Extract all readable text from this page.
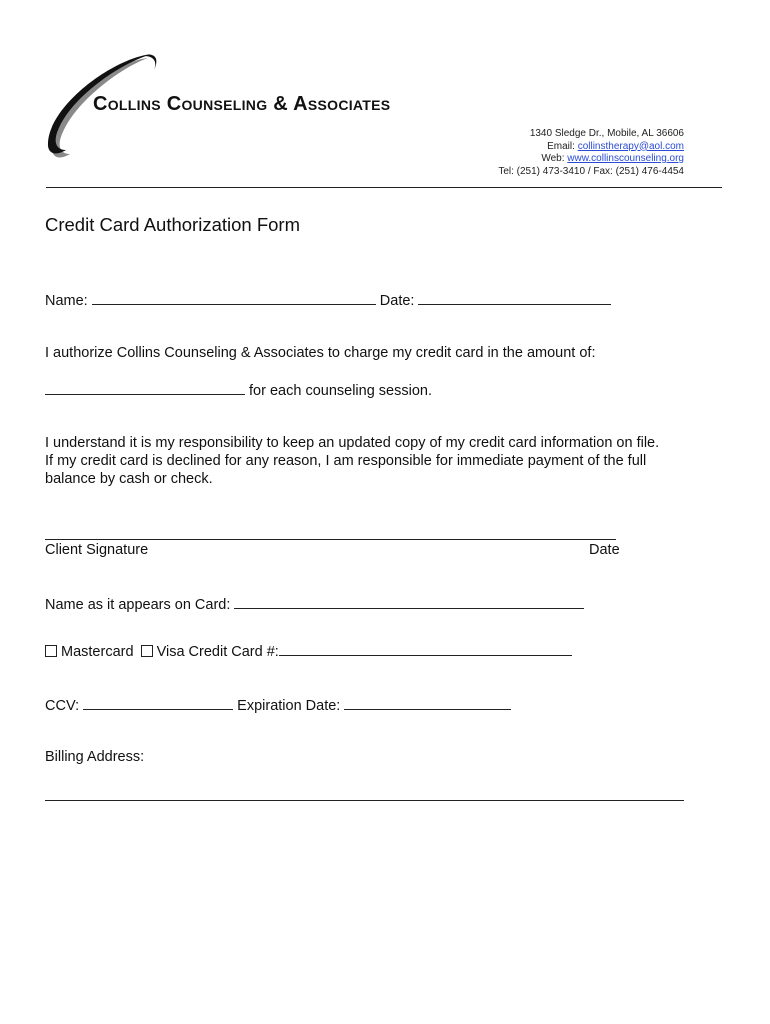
Collins Counseling & Associates
1340 Sledge Dr., Mobile, AL 36606
Email: collinstherapy@aol.com
Web: www.collinscounseling.org
Tel: (251) 473-3410 / Fax: (251) 476-4454
Credit Card Authorization Form
Name:	Date:
I authorize Collins Counseling & Associates to charge my credit card in the amount of:
for each counseling session.
I understand it is my responsibility to keep an updated copy of my credit card information on file.
If my credit card is declined for any reason, I am responsible for immediate payment of the full
balance by cash or check.
Client Signature	Date
Name as it appears on Card:
Mastercard Visa Credit Card #:
CCV:	Expiration Date:
Billing Address:
